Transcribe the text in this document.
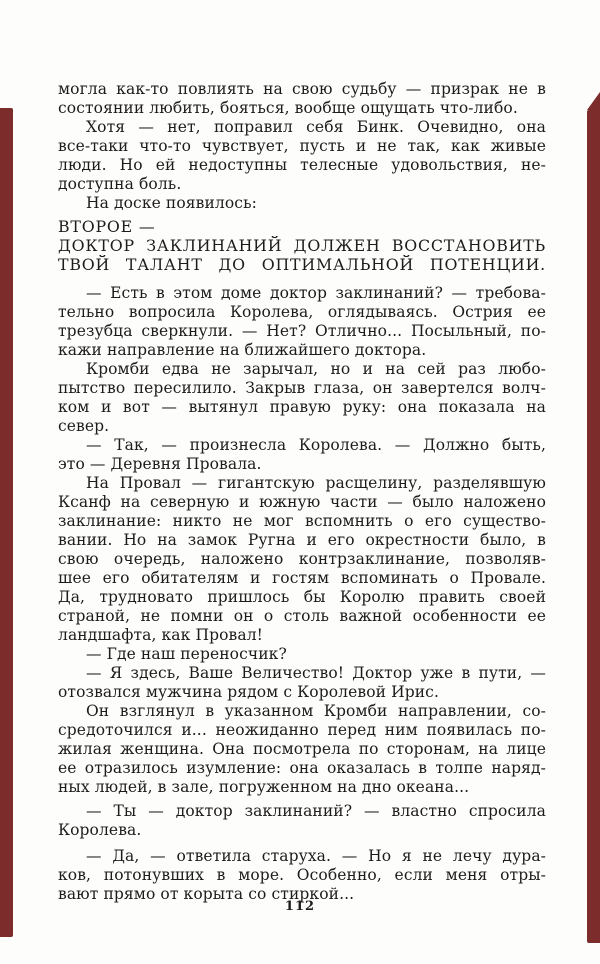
могла как-то повлиять на свою судьбу — призрак не в
состоянии любить, бояться, вообще ощущать что-либо.
Хотя — нет, поправил себя Бинк. Очевидно, она
все-таки что-то чувствует, пусть и не так, как живые
люди. Но ей недоступны телесные удовольствия, не-
доступна боль.
На доске появилось:
ВТОРОЕ —
ДОКТОР ЗАКЛИНАНИЙ ДОЛЖЕН ВОССТАНОВИТЬ
ТВОЙ ТАЛАНТ ДО ОПТИМАЛЬНОЙ ПОТЕНЦИИ.
— Есть в этом доме доктор заклинаний? — требова-
тельно вопросила Королева, оглядываясь. Острия ее
трезубца сверкнули. — Нет? Отлично... Посыльный, по-
кажи направление на ближайшего доктора.
Кромби едва не зарычал, но и на сей раз любо-
пытство пересилило. Закрыв глаза, он завертелся волч-
ком и вот — вытянул правую руку: она показала на
север.
— Так, — произнесла Королева. — Должно быть,
это — Деревня Провала.
На Провал — гигантскую расщелину, разделявшую
Ксанф на северную и южную части — было наложено
заклинание: никто не мог вспомнить о его существо-
вании. Но на замок Ругна и его окрестности было, в
свою очередь, наложено контрзаклинание, позволяв-
шее его обитателям и гостям вспоминать о Провале.
Да, трудновато пришлось бы Королю править своей
страной, не помни он о столь важной особенности ее
ландшафта, как Провал!
— Где наш переносчик?
— Я здесь, Ваше Величество! Доктор уже в пути, —
отозвался мужчина рядом с Королевой Ирис.
Он взглянул в указанном Кромби направлении, со-
средоточился и... неожиданно перед ним появилась по-
жилая женщина. Она посмотрела по сторонам, на лице
ее отразилось изумление: она оказалась в толпе наряд-
ных людей, в зале, погруженном на дно океана...
— Ты — доктор заклинаний? — властно спросила
Королева.
— Да, — ответила старуха. — Но я не лечу дура-
ков, потонувших в море. Особенно, если меня отры-
вают прямо от корыта со стиркой...
112
